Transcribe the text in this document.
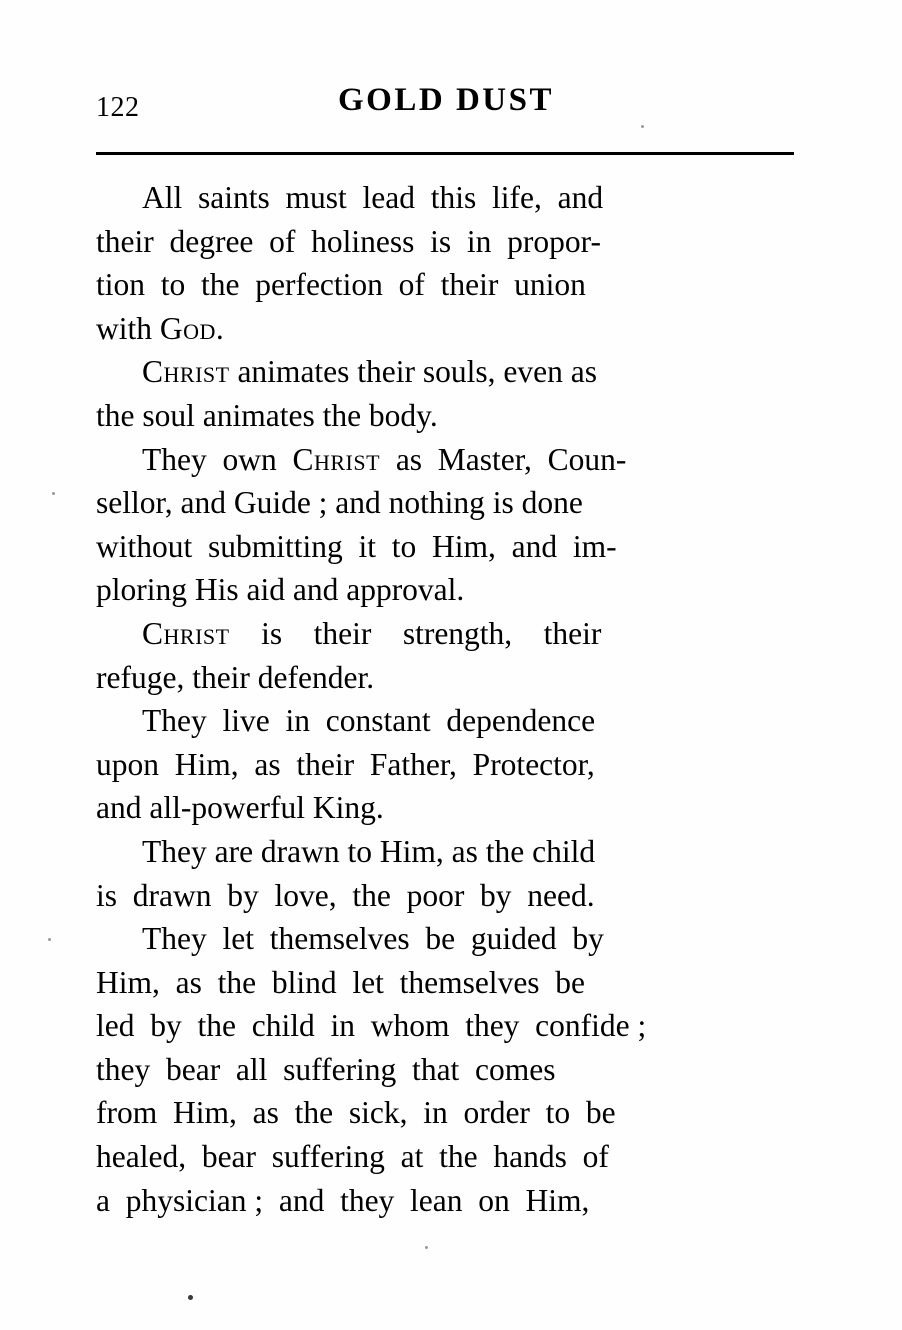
122	GOLD DUST
All  saints  must  lead  this  life,  and
their  degree  of  holiness  is  in  propor-
tion  to  the  perfection  of  their  union
with God.
Christ animates their souls, even as
the soul animates the body.
They  own  Christ  as  Master,  Coun-
sellor, and Guide ; and nothing is done
without  submitting  it  to  Him,  and  im-
ploring His aid and approval.
Christ    is    their    strength,    their
refuge, their defender.
They  live  in  constant  dependence
upon  Him,  as  their  Father,  Protector,
and all-powerful King.
They are drawn to Him, as the child
is  drawn  by  love,  the  poor  by  need.
They  let  themselves  be  guided  by
Him,  as  the  blind  let  themselves  be
led  by  the  child  in  whom  they  confide ;
they  bear  all  suffering  that  comes
from  Him,  as  the  sick,  in  order  to  be
healed,  bear  suffering  at  the  hands  of
a  physician ;  and  they  lean  on  Him,
